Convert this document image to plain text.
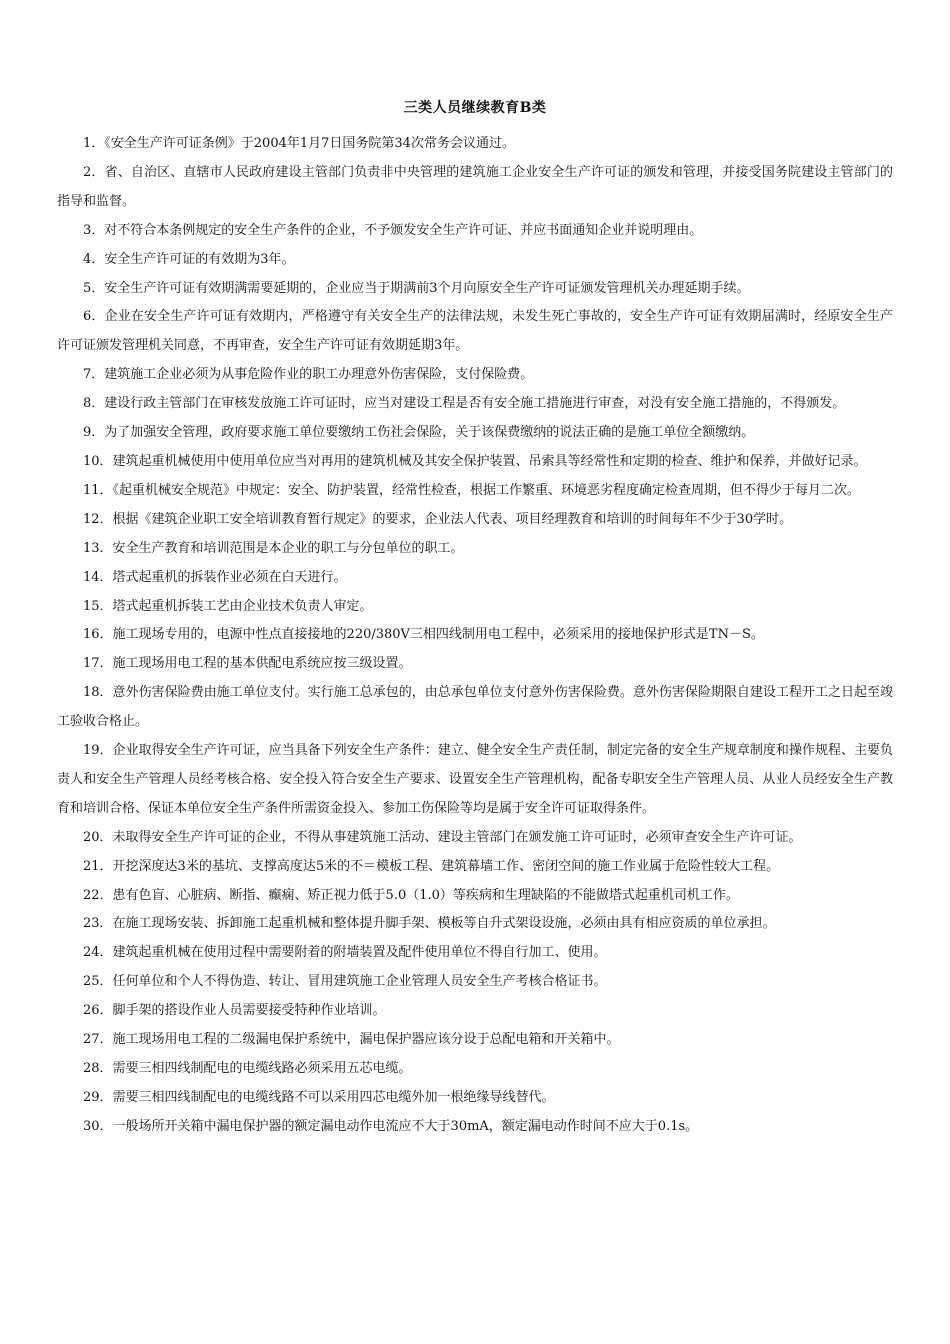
三类人员继续教育B类

1．《安全生产许可证条例》于2004年1月7日国务院第34次常务会议通过。

2．省、自治区、直辖市人民政府建设主管部门负责非中央管理的建筑施工企业安全生产许可证的颁发和管理，并接受国务院建设主管部门的指导和监督。

3．对不符合本条例规定的安全生产条件的企业，不予颁发安全生产许可证、并应书面通知企业并说明理由。

4．安全生产许可证的有效期为3年。

5．安全生产许可证有效期满需要延期的，企业应当于期满前3个月向原安全生产许可证颁发管理机关办理延期手续。

6．企业在安全生产许可证有效期内，严格遵守有关安全生产的法律法规，未发生死亡事故的，安全生产许可证有效期届满时，经原安全生产许可证颁发管理机关同意，不再审查，安全生产许可证有效期延期3年。

7．建筑施工企业必须为从事危险作业的职工办理意外伤害保险，支付保险费。

8．建设行政主管部门在审核发放施工许可证时，应当对建设工程是否有安全施工措施进行审查，对没有安全施工措施的，不得颁发。

9．为了加强安全管理，政府要求施工单位要缴纳工伤社会保险，关于该保费缴纳的说法正确的是施工单位全额缴纳。

10．建筑起重机械使用中使用单位应当对再用的建筑机械及其安全保护装置、吊索具等经常性和定期的检查、维护和保养，并做好记录。

11．《起重机械安全规范》中规定：安全、防护装置，经常性检查，根据工作繁重、环境恶劣程度确定检查周期，但不得少于每月二次。

12．根据《建筑企业职工安全培训教育暂行规定》的要求，企业法人代表、项目经理教育和培训的时间每年不少于30学时。

13．安全生产教育和培训范围是本企业的职工与分包单位的职工。

14．塔式起重机的拆装作业必须在白天进行。

15．塔式起重机拆装工艺由企业技术负责人审定。

16．施工现场专用的，电源中性点直接接地的220/380V三相四线制用电工程中，必须采用的接地保护形式是TN－S。

17．施工现场用电工程的基本供配电系统应按三级设置。

18．意外伤害保险费由施工单位支付。实行施工总承包的，由总承包单位支付意外伤害保险费。意外伤害保险期限自建设工程开工之日起至竣工验收合格止。

19．企业取得安全生产许可证，应当具备下列安全生产条件：建立、健全安全生产责任制，制定完备的安全生产规章制度和操作规程、主要负责人和安全生产管理人员经考核合格、安全投入符合安全生产要求、设置安全生产管理机构，配备专职安全生产管理人员、从业人员经安全生产教育和培训合格、保证本单位安全生产条件所需资金投入、参加工伤保险等均是属于安全许可证取得条件。

20．未取得安全生产许可证的企业，不得从事建筑施工活动、建设主管部门在颁发施工许可证时，必须审查安全生产许可证。

21．开挖深度达3米的基坑、支撑高度达5米的不＝模板工程、建筑幕墙工作、密闭空间的施工作业属于危险性较大工程。

22．患有色盲、心脏病、断指、癫痫、矫正视力低于5.0（1.0）等疾病和生理缺陷的不能做塔式起重机司机工作。

23．在施工现场安装、拆卸施工起重机械和整体提升脚手架、模板等自升式架设设施，必须由具有相应资质的单位承担。

24．建筑起重机械在使用过程中需要附着的附墙装置及配件使用单位不得自行加工、使用。

25．任何单位和个人不得伪造、转让、冒用建筑施工企业管理人员安全生产考核合格证书。

26．脚手架的搭设作业人员需要接受特种作业培训。

27．施工现场用电工程的二级漏电保护系统中，漏电保护器应该分设于总配电箱和开关箱中。

28．需要三相四线制配电的电缆线路必须采用五芯电缆。

29．需要三相四线制配电的电缆线路不可以采用四芯电缆外加一根绝缘导线替代。

30．一般场所开关箱中漏电保护器的额定漏电动作电流应不大于30mA，额定漏电动作时间不应大于0.1s。
